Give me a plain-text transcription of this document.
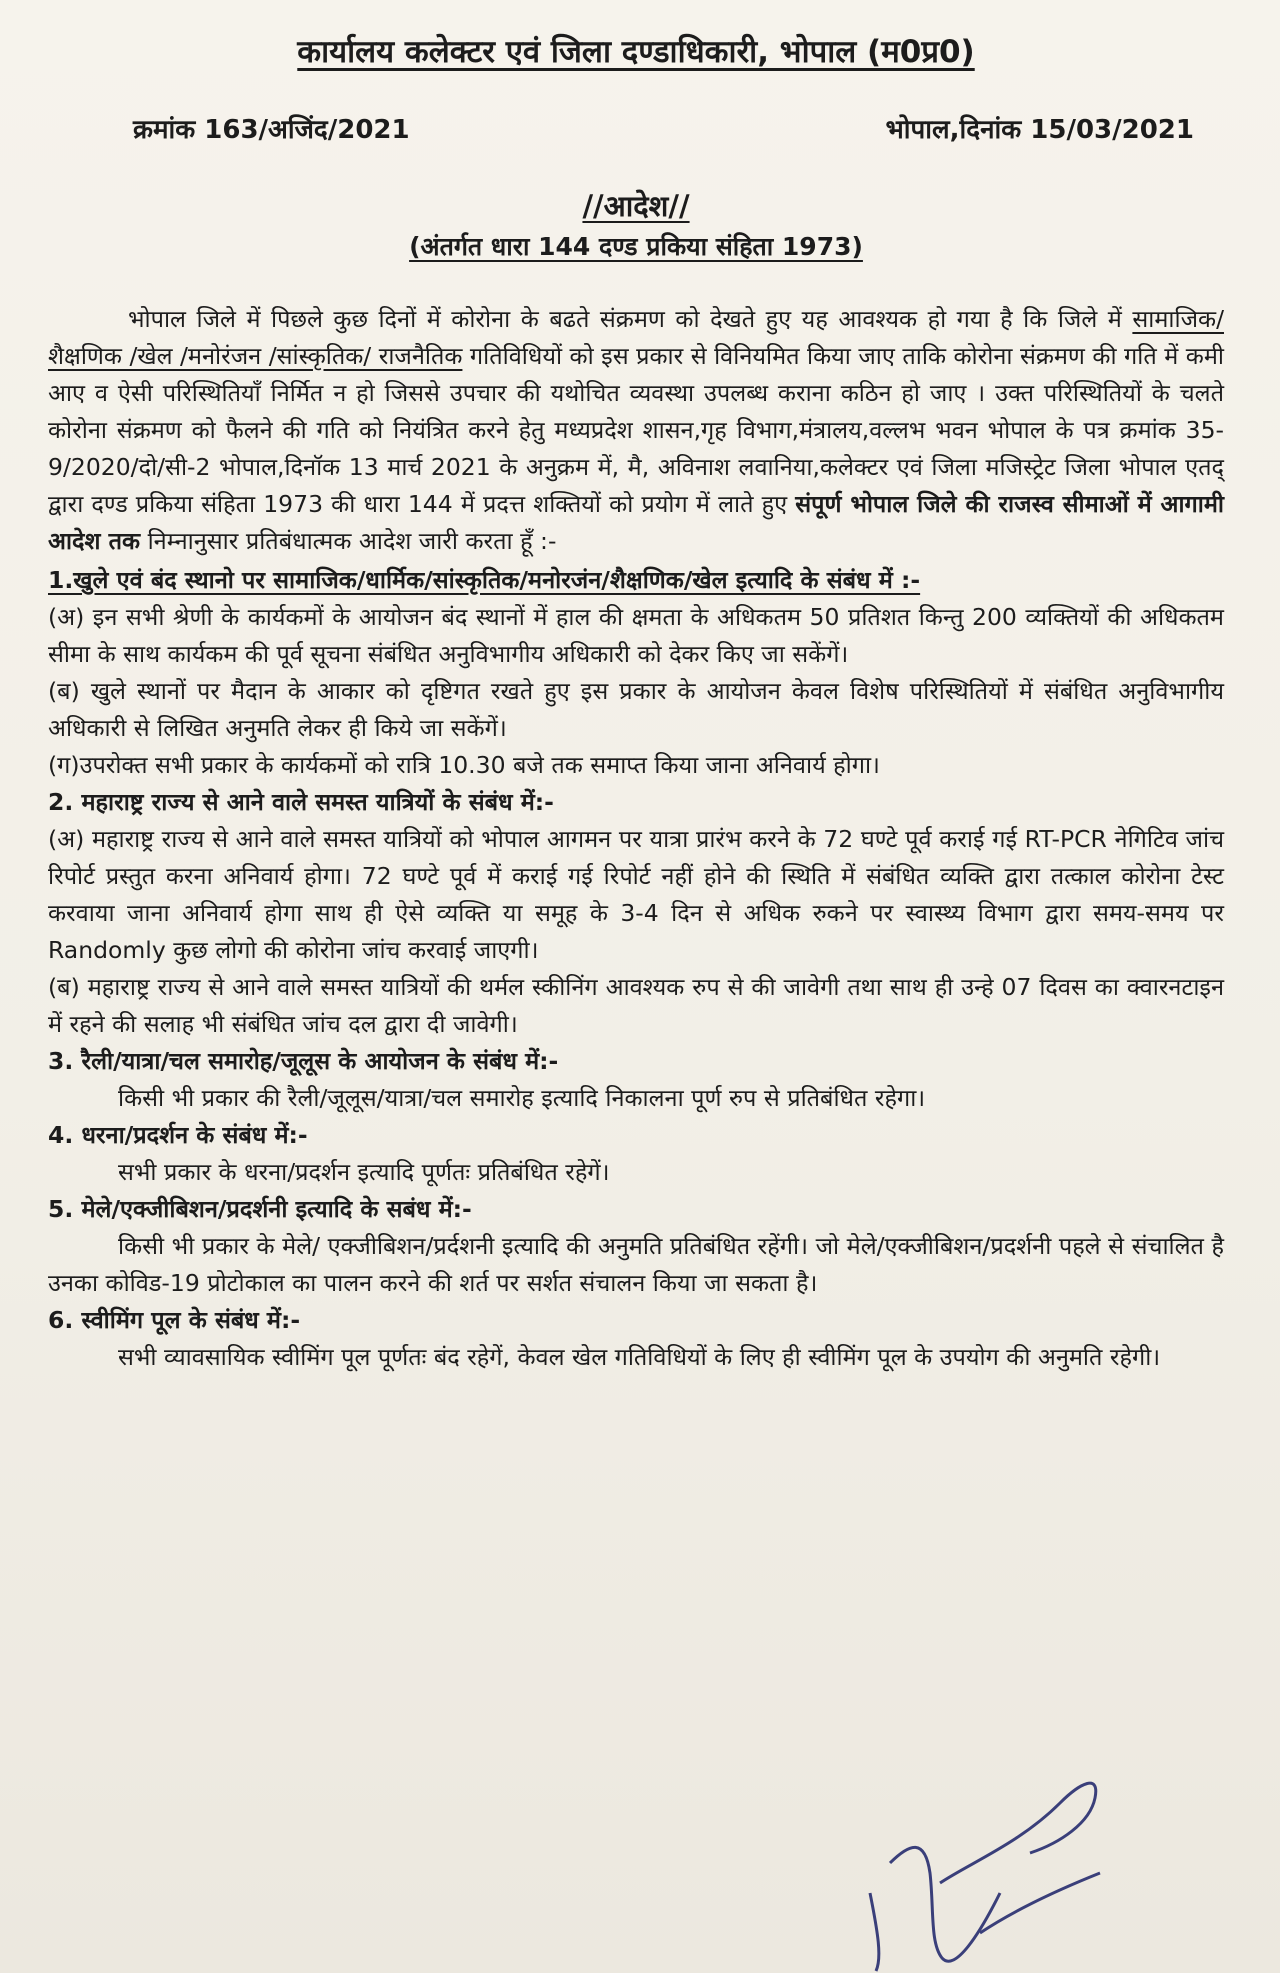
कार्यालय कलेक्टर एवं जिला दण्डाधिकारी, भोपाल (म0प्र0)
क्रमांक 163/अजिंद/2021	भोपाल,दिनांक 15/03/2021
//आदेश//
(अंतर्गत धारा 144 दण्ड प्रकिया संहिता 1973)

भोपाल जिले में पिछले कुछ दिनों में कोरोना के बढते संक्रमण को देखते हुए यह आवश्यक हो गया है कि जिले में सामाजिक/शैक्षणिक /खेल /मनोरंजन /सांस्कृतिक/ राजनैतिक गतिविधियों को इस प्रकार से विनियमित किया जाए ताकि कोरोना संक्रमण की गति में कमी आए व ऐसी परिस्थितियाँ निर्मित न हो जिससे उपचार की यथोचित व्यवस्था उपलब्ध कराना कठिन हो जाए । उक्त परिस्थितियों के चलते कोरोना संक्रमण को फैलने की गति को नियंत्रित करने हेतु मध्यप्रदेश शासन,गृह विभाग,मंत्रालय,वल्लभ भवन भोपाल के पत्र क्रमांक 35-9/2020/दो/सी-2 भोपाल,दिनॉक 13 मार्च 2021 के अनुक्रम में, मै, अविनाश लवानिया,कलेक्टर एवं जिला मजिस्ट्रेट जिला भोपाल एतद् द्वारा दण्ड प्रकिया संहिता 1973 की धारा 144 में प्रदत्त शक्तियों को प्रयोग में लाते हुए संपूर्ण भोपाल जिले की राजस्व सीमाओं में आगामी आदेश तक निम्नानुसार प्रतिबंधात्मक आदेश जारी करता हूँ :-

1.खुले एवं बंद स्थानो पर सामाजिक/धार्मिक/सांस्कृतिक/मनोरजंन/शैक्षणिक/खेल इत्यादि के संबंध में :-

(अ) इन सभी श्रेणी के कार्यकमों के आयोजन बंद स्थानों में हाल की क्षमता के अधिकतम 50 प्रतिशत किन्तु 200 व्यक्तियों की अधिकतम सीमा के साथ कार्यकम की पूर्व सूचना संबंधित अनुविभागीय अधिकारी को देकर किए जा सकेंगें।

(ब) खुले स्थानों पर मैदान के आकार को दृष्टिगत रखते हुए इस प्रकार के आयोजन केवल विशेष परिस्थितियों में संबंधित अनुविभागीय अधिकारी से लिखित अनुमति लेकर ही किये जा सकेंगें।

(ग)उपरोक्त सभी प्रकार के कार्यकमों को रात्रि 10.30 बजे तक समाप्त किया जाना अनिवार्य होगा।

2. महाराष्ट्र राज्य से आने वाले समस्त यात्रियों के संबंध में:-

(अ) महाराष्ट्र राज्य से आने वाले समस्त यात्रियों को भोपाल आगमन पर यात्रा प्रारंभ करने के 72 घण्टे पूर्व कराई गई RT-PCR नेगिटिव जांच रिपोर्ट प्रस्तुत करना अनिवार्य होगा। 72 घण्टे पूर्व में कराई गई रिपोर्ट नहीं होने की स्थिति में संबंधित व्यक्ति द्वारा तत्काल कोरोना टेस्ट करवाया जाना अनिवार्य होगा साथ ही ऐसे व्यक्ति या समूह के 3-4 दिन से अधिक रुकने पर स्वास्थ्य विभाग द्वारा समय-समय पर Randomly कुछ लोगो की कोरोना जांच करवाई जाएगी।

(ब) महाराष्ट्र राज्य से आने वाले समस्त यात्रियों की थर्मल स्कीनिंग आवश्यक रुप से की जावेगी तथा साथ ही उन्हे 07 दिवस का क्वारनटाइन में रहने की सलाह भी संबंधित जांच दल द्वारा दी जावेगी।

3. रैली/यात्रा/चल समारोह/जूलूस के आयोजन के संबंध में:-

किसी भी प्रकार की रैली/जूलूस/यात्रा/चल समारोह इत्यादि निकालना पूर्ण रुप से प्रतिबंधित रहेगा।

4. धरना/प्रदर्शन के संबंध में:-

सभी प्रकार के धरना/प्रदर्शन इत्यादि पूर्णतः प्रतिबंधित रहेगें।

5. मेले/एक्जीबिशन/प्रदर्शनी इत्यादि के सबंध में:-

किसी भी प्रकार के मेले/ एक्जीबिशन/प्रर्दशनी इत्यादि की अनुमति प्रतिबंधित रहेंगी। जो मेले/एक्जीबिशन/प्रदर्शनी पहले से संचालित है उनका कोविड-19 प्रोटोकाल का पालन करने की शर्त पर सर्शत संचालन किया जा सकता है।

6. स्वीमिंग पूल के संबंध में:-

सभी व्यावसायिक स्वीमिंग पूल पूर्णतः बंद रहेगें, केवल खेल गतिविधियों के लिए ही स्वीमिंग पूल के उपयोग की अनुमति रहेगी।
